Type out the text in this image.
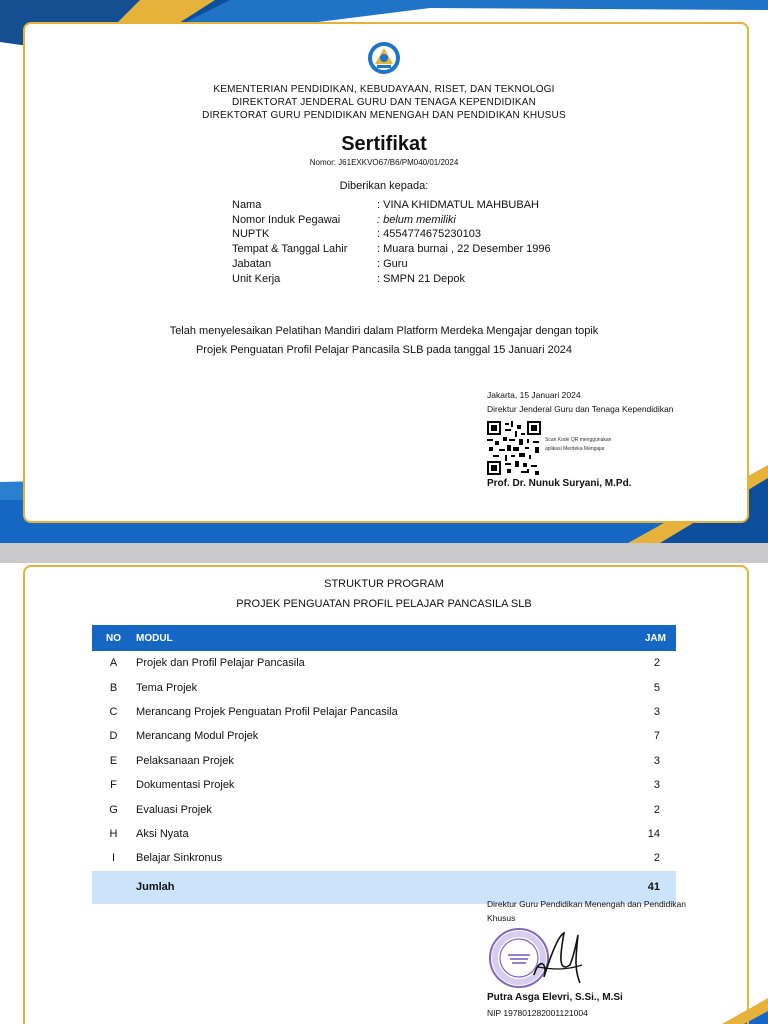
KEMENTERIAN PENDIDIKAN, KEBUDAYAAN, RISET, DAN TEKNOLOGI
DIREKTORAT JENDERAL GURU DAN TENAGA KEPENDIDIKAN
DIREKTORAT GURU PENDIDIKAN MENENGAH DAN PENDIDIKAN KHUSUS
Sertifikat
Nomor: J61EXKVO67/B6/PM040/01/2024
Diberikan kepada:
Nama	: VINA KHIDMATUL MAHBUBAH
Nomor Induk Pegawai	: belum memiliki
NUPTK	: 4554774675230103
Tempat & Tanggal Lahir	: Muara burnai , 22 Desember 1996
Jabatan	: Guru
Unit Kerja	: SMPN 21 Depok
Telah menyelesaikan Pelatihan Mandiri dalam Platform Merdeka Mengajar dengan topik
Projek Penguatan Profil Pelajar Pancasila SLB pada tanggal 15 Januari 2024
Jakarta, 15 Januari 2024
Direktur Jenderal Guru dan Tenaga Kependidikan
Scan Kode QR menggunakan
aplikasi Merdeka Mengajar
Prof. Dr. Nunuk Suryani, M.Pd.
STRUKTUR PROGRAM
PROJEK PENGUATAN PROFIL PELAJAR PANCASILA SLB
NO	MODUL	JAM
A	Projek dan Profil Pelajar Pancasila	2
B	Tema Projek	5
C	Merancang Projek Penguatan Profil Pelajar Pancasila	3
D	Merancang Modul Projek	7
E	Pelaksanaan Projek	3
F	Dokumentasi Projek	3
G	Evaluasi Projek	2
H	Aksi Nyata	14
I	Belajar Sinkronus	2
	Jumlah	41
Direktur Guru Pendidikan Menengah dan Pendidikan
Khusus
Putra Asga Elevri, S.Si., M.Si
NIP 197801282001121004
